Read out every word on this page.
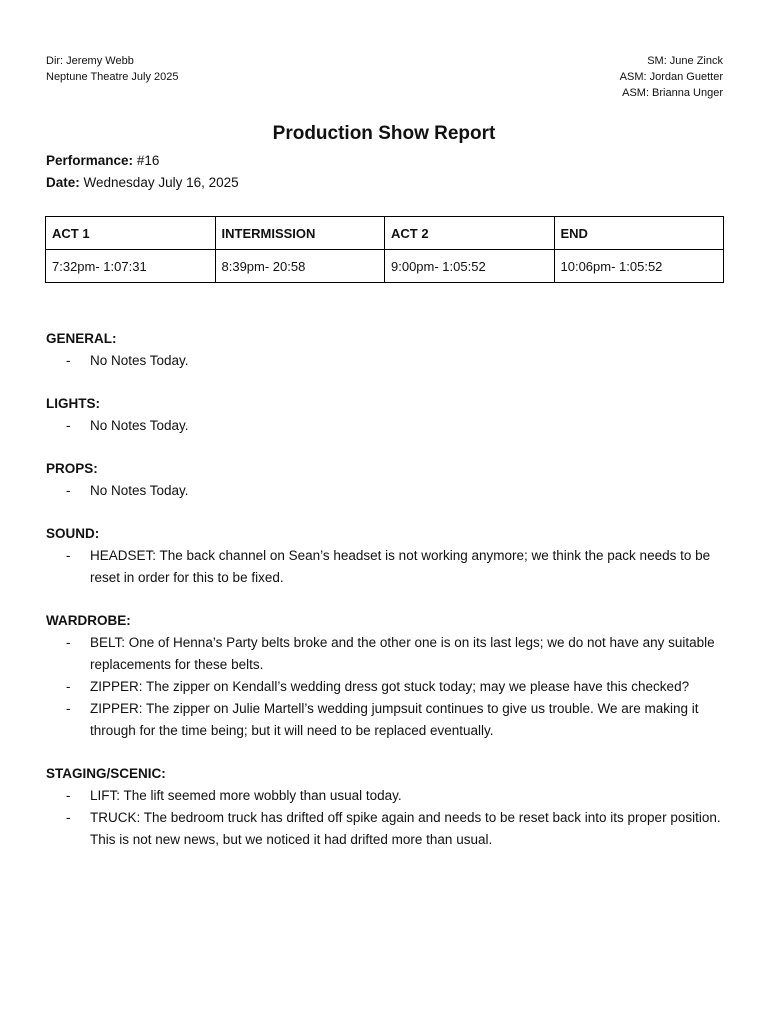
Dir: Jeremy Webb
Neptune Theatre July 2025
SM: June Zinck
ASM: Jordan Guetter
ASM: Brianna Unger
Production Show Report
Performance: #16
Date: Wednesday July 16, 2025
ACT 1	INTERMISSION	ACT 2	END
7:32pm- 1:07:31	8:39pm- 20:58	9:00pm- 1:05:52	10:06pm- 1:05:52
GENERAL:
- No Notes Today.
LIGHTS:
- No Notes Today.
PROPS:
- No Notes Today.
SOUND:
- HEADSET: The back channel on Sean’s headset is not working anymore; we think the pack needs to be reset in order for this to be fixed.
WARDROBE:
- BELT: One of Henna’s Party belts broke and the other one is on its last legs; we do not have any suitable replacements for these belts.
- ZIPPER: The zipper on Kendall’s wedding dress got stuck today; may we please have this checked?
- ZIPPER: The zipper on Julie Martell’s wedding jumpsuit continues to give us trouble. We are making it through for the time being; but it will need to be replaced eventually.
STAGING/SCENIC:
- LIFT: The lift seemed more wobbly than usual today.
- TRUCK: The bedroom truck has drifted off spike again and needs to be reset back into its proper position. This is not new news, but we noticed it had drifted more than usual.
